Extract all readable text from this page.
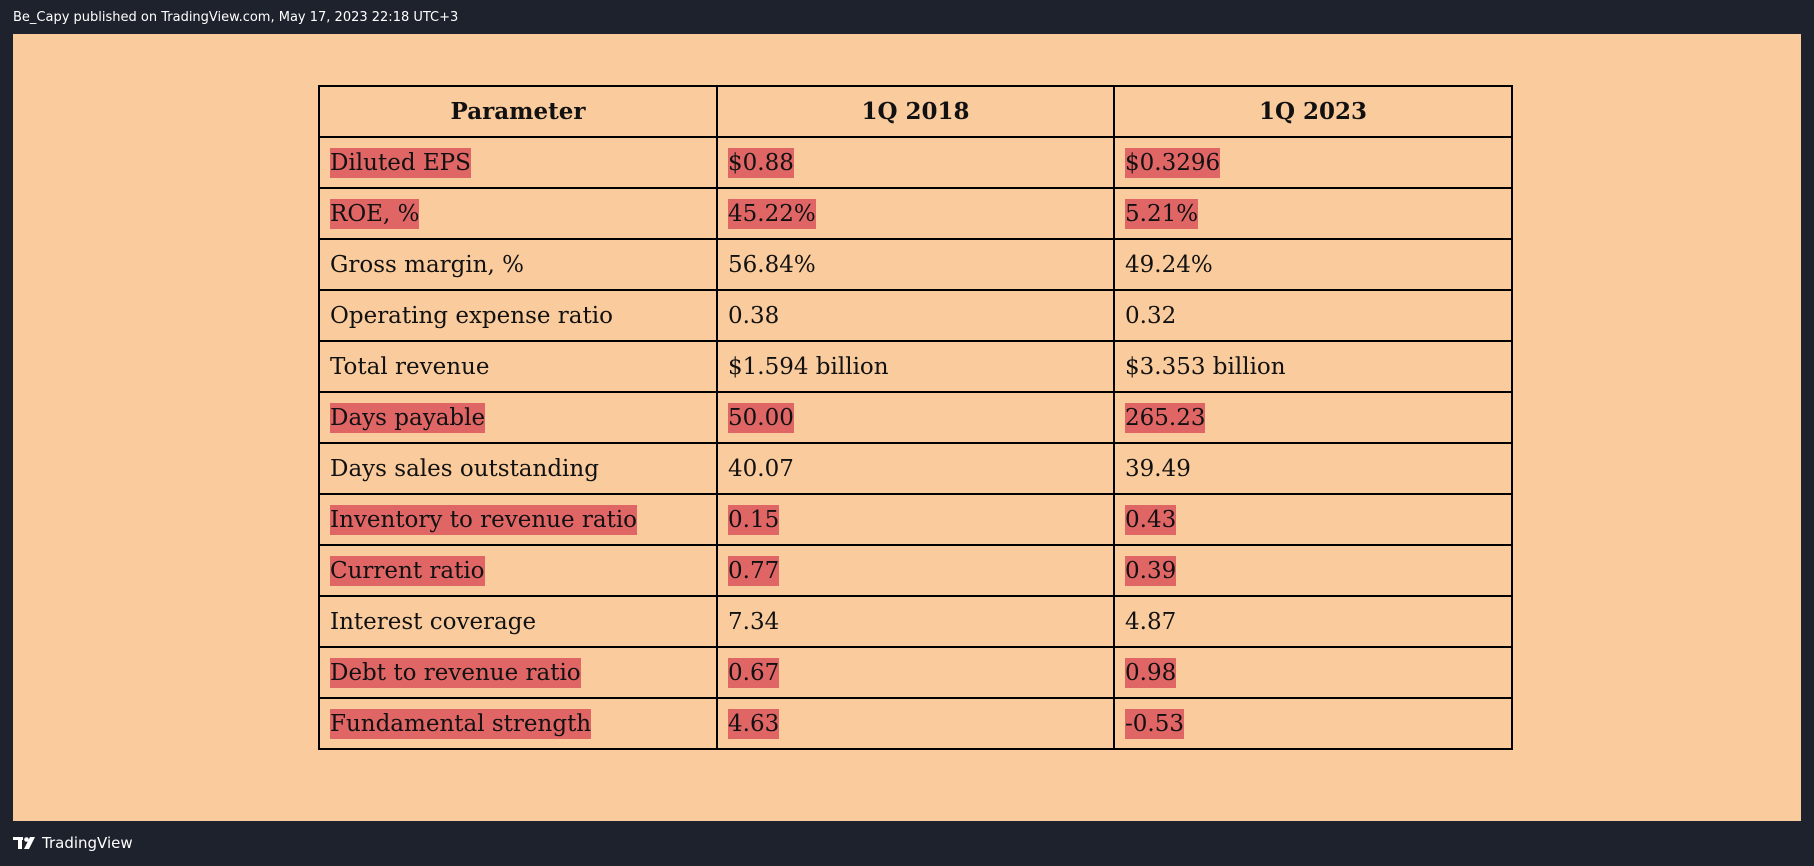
Be_Capy published on TradingView.com, May 17, 2023 22:18 UTC+3
Parameter	1Q 2018	1Q 2023
Diluted EPS	$0.88	$0.3296
ROE, %	45.22%	5.21%
Gross margin, %	56.84%	49.24%
Operating expense ratio	0.38	0.32
Total revenue	$1.594 billion	$3.353 billion
Days payable	50.00	265.23
Days sales outstanding	40.07	39.49
Inventory to revenue ratio	0.15	0.43
Current ratio	0.77	0.39
Interest coverage	7.34	4.87
Debt to revenue ratio	0.67	0.98
Fundamental strength	4.63	-0.53
TradingView
